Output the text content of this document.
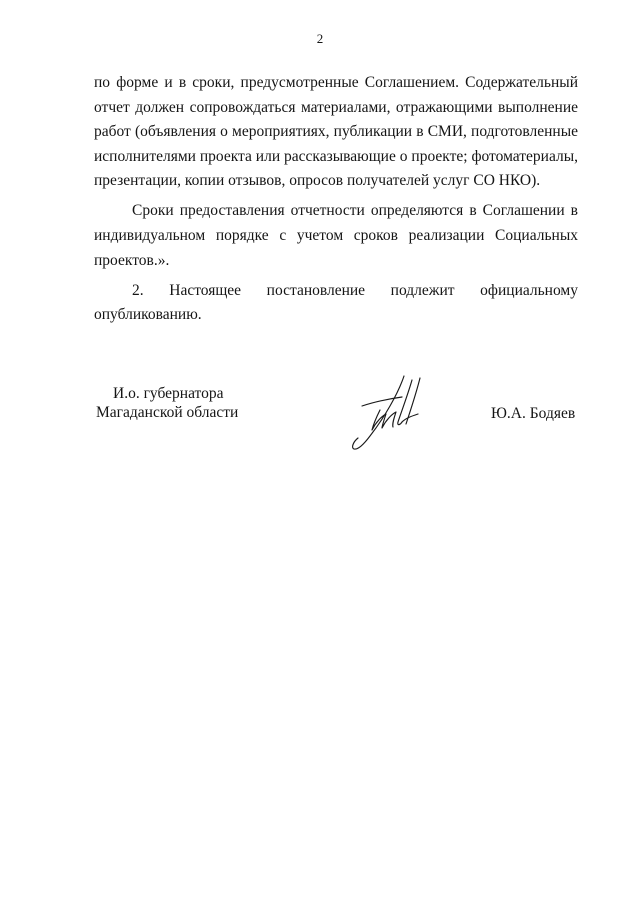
2

по форме и в сроки, предусмотренные Соглашением. Содержательный отчет должен сопровождаться материалами, отражающими выполнение работ (объявления о мероприятиях, публикации в СМИ, подготовленные исполнителями проекта или рассказывающие о проекте; фотоматериалы, презентации, копии отзывов, опросов получателей услуг СО НКО).

Сроки предоставления отчетности определяются в Соглашении в индивидуальном порядке с учетом сроков реализации Социальных проектов.».

2. Настоящее постановление подлежит официальному опубликованию.

И.о. губернатора
Магаданской области	Ю.А. Бодяев
